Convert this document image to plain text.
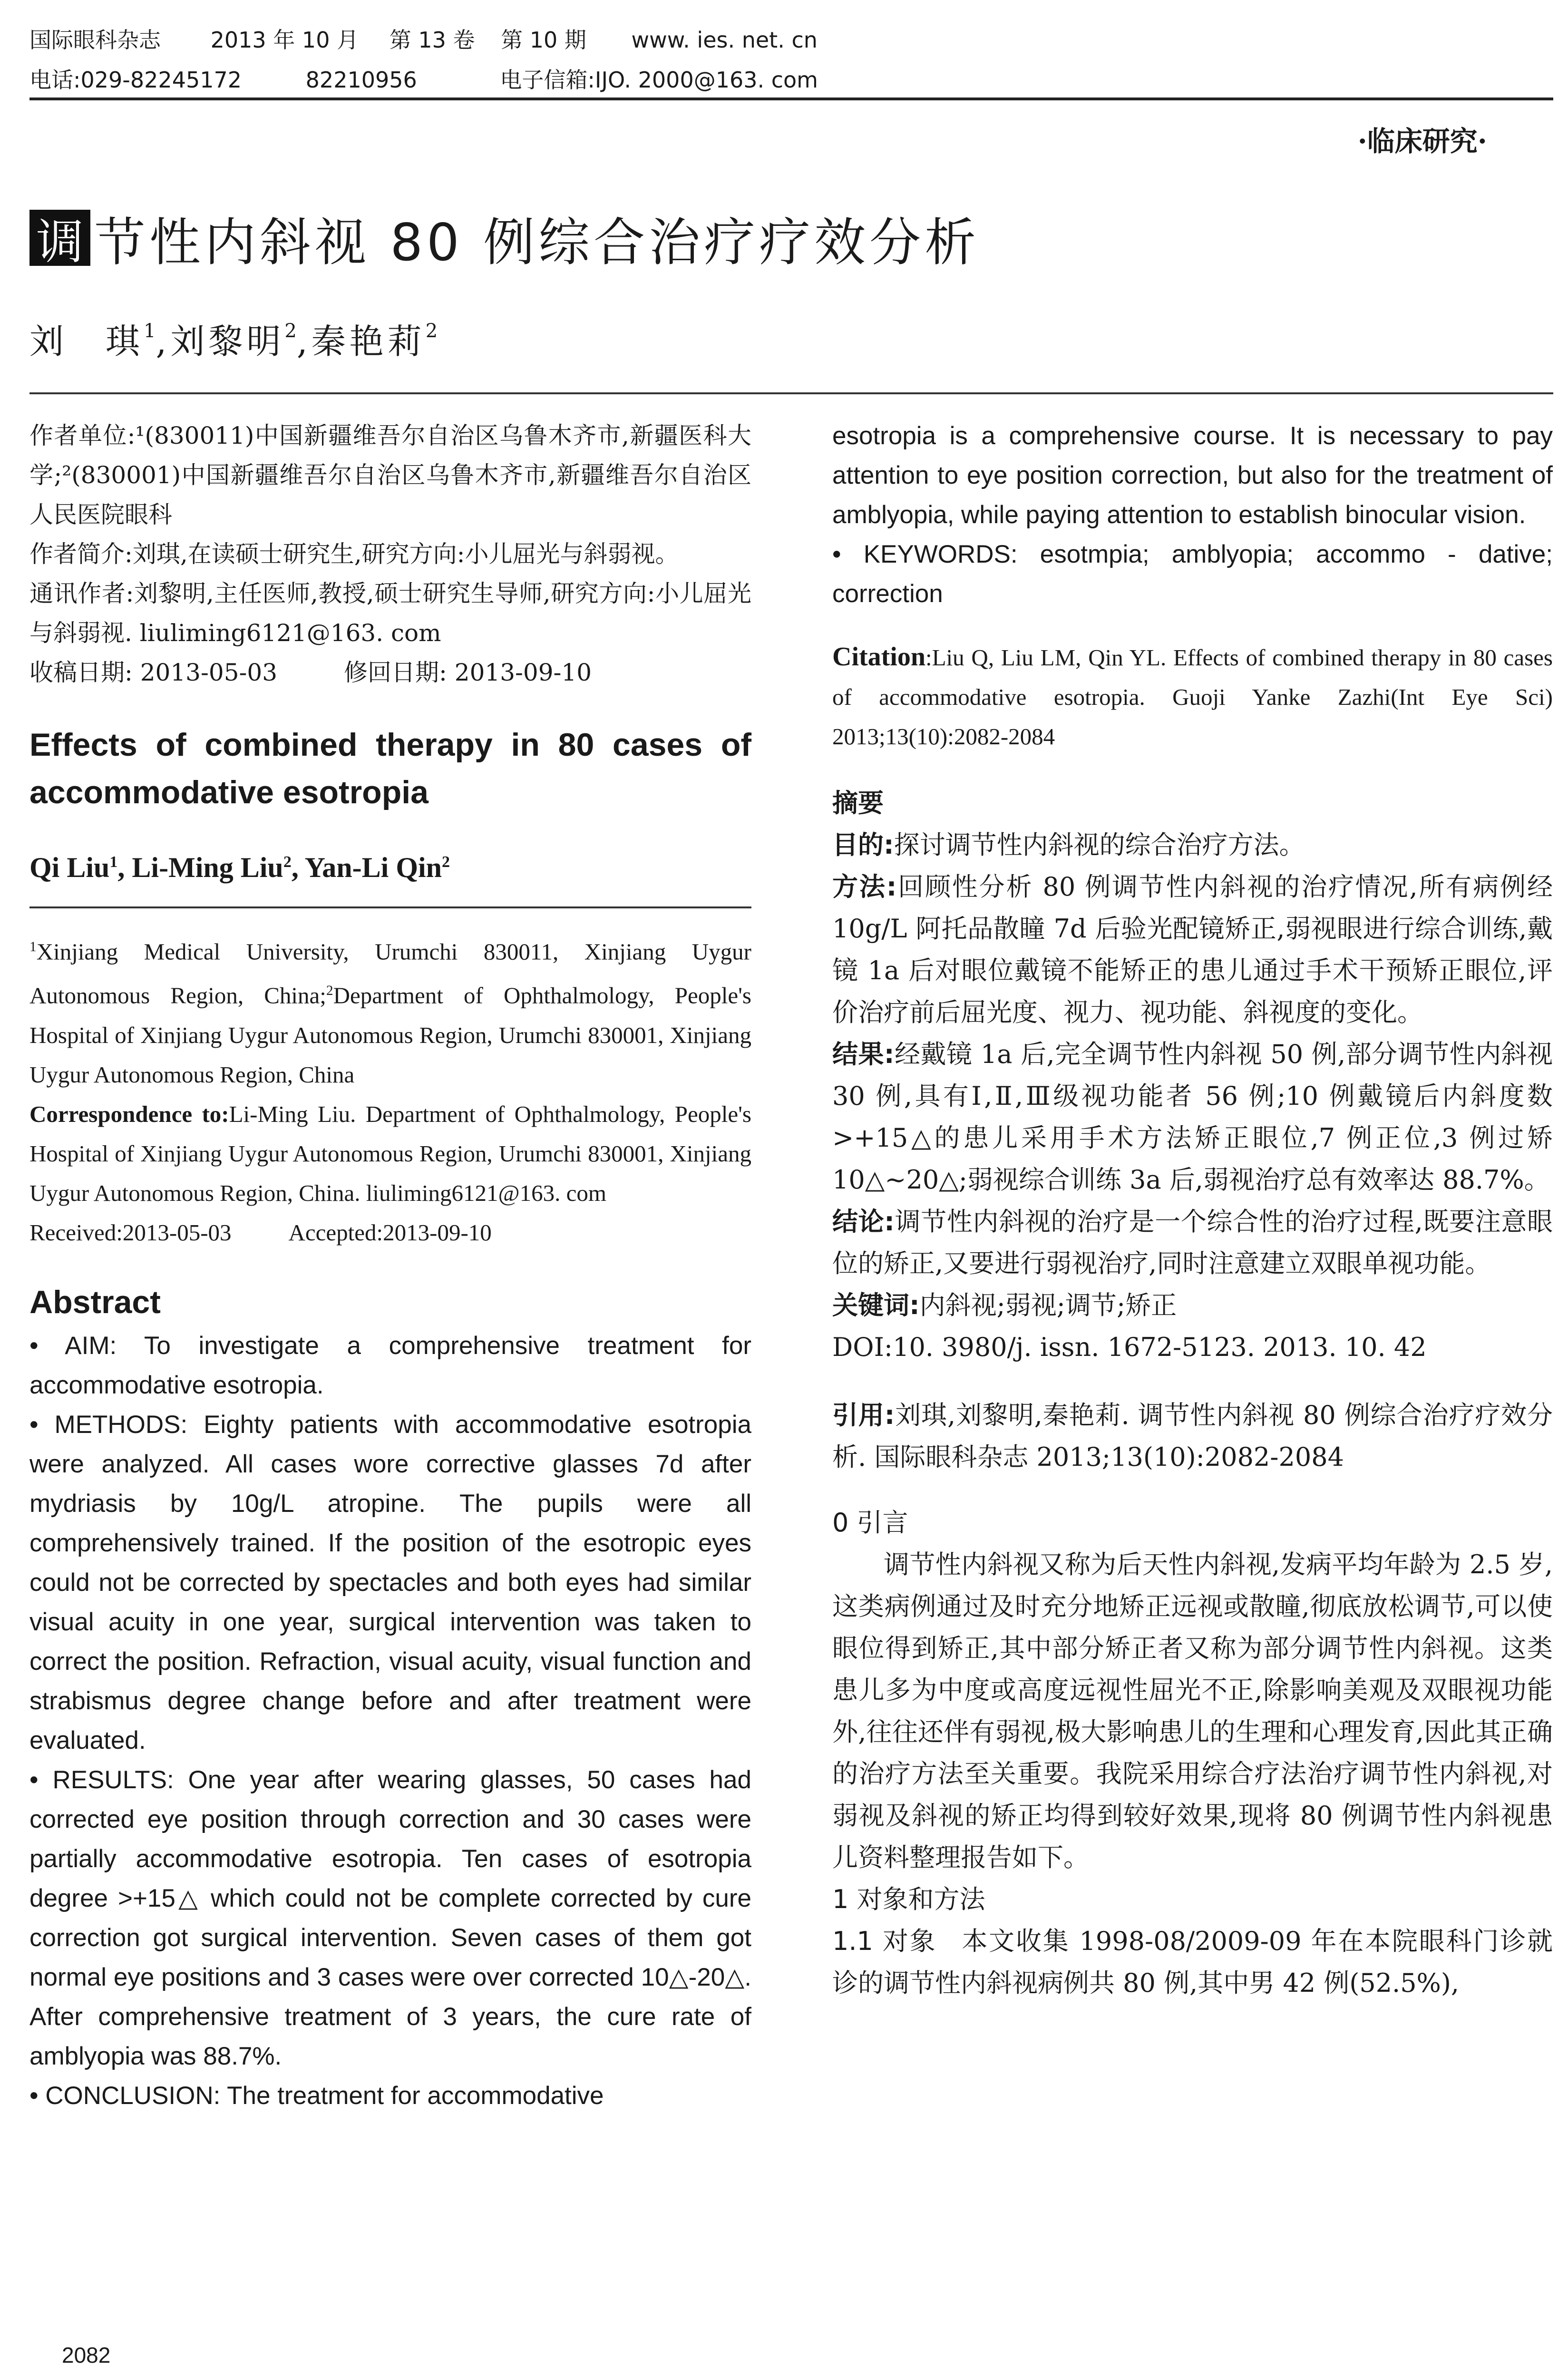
国际眼科杂志 2013 年 10 月 第 13 卷 第 10 期 www. ies. net. cn
电话:029-82245172	82210956	电子信箱:IJO. 2000@163. com
·临床研究·
调 节性内斜视 80 例综合治疗疗效分析
刘　琪$^1$,刘黎明$^2$,秦艳莉$^2$

作者单位:¹(830011)中国新疆维吾尔自治区乌鲁木齐市,新疆医科大学;²(830001)中国新疆维吾尔自治区乌鲁木齐市,新疆维吾尔自治区人民医院眼科

作者简介:刘琪,在读硕士研究生,研究方向:小儿屈光与斜弱视。

通讯作者:刘黎明,主任医师,教授,硕士研究生导师,研究方向:小儿屈光与斜弱视. liuliming6121@163. com

收稿日期: 2013-05-03	修回日期: 2013-09-10

Effects of combined therapy in 80 cases of accommodative esotropia

Qi Liu$^1$, Li-Ming Liu$^2$, Yan-Li Qin$^2$

$^1$Xinjiang Medical University, Urumchi 830011, Xinjiang Uygur Autonomous Region, China;$^2$Department of Ophthalmology, People's Hospital of Xinjiang Uygur Autonomous Region, Urumchi 830001, Xinjiang Uygur Autonomous Region, China

Correspondence to:Li-Ming Liu. Department of Ophthalmology, People's Hospital of Xinjiang Uygur Autonomous Region, Urumchi 830001, Xinjiang Uygur Autonomous Region, China. liuliming6121@163. com

Received:2013-05-03 Accepted:2013-09-10

Abstract

• AIM: To investigate a comprehensive treatment for accommodative esotropia.

• METHODS: Eighty patients with accommodative esotropia were analyzed. All cases wore corrective glasses 7d after mydriasis by 10g/L atropine. The pupils were all comprehensively trained. If the position of the esotropic eyes could not be corrected by spectacles and both eyes had similar visual acuity in one year, surgical intervention was taken to correct the position. Refraction, visual acuity, visual function and strabismus degree change before and after treatment were evaluated.

• RESULTS: One year after wearing glasses, 50 cases had corrected eye position through correction and 30 cases were partially accommodative esotropia. Ten cases of esotropia degree >+15△ which could not be complete corrected by cure correction got surgical intervention. Seven cases of them got normal eye positions and 3 cases were over corrected 10△-20△. After comprehensive treatment of 3 years, the cure rate of amblyopia was 88.7%.

• CONCLUSION: The treatment for accommodative

esotropia is a comprehensive course. It is necessary to pay attention to eye position correction, but also for the treatment of amblyopia, while paying attention to establish binocular vision.

• KEYWORDS: esotmpia; amblyopia; accommo - dative; correction

Citation:Liu Q, Liu LM, Qin YL. Effects of combined therapy in 80 cases of accommodative esotropia. Guoji Yanke Zazhi(Int Eye Sci) 2013;13(10):2082-2084

摘要

目的:探讨调节性内斜视的综合治疗方法。

方法:回顾性分析 80 例调节性内斜视的治疗情况,所有病例经 10g/L 阿托品散瞳 7d 后验光配镜矫正,弱视眼进行综合训练,戴镜 1a 后对眼位戴镜不能矫正的患儿通过手术干预矫正眼位,评价治疗前后屈光度、视力、视功能、斜视度的变化。

结果:经戴镜 1a 后,完全调节性内斜视 50 例,部分调节性内斜视 30 例,具有Ⅰ,Ⅱ,Ⅲ级视功能者 56 例;10 例戴镜后内斜度数>+15△的患儿采用手术方法矫正眼位,7 例正位,3 例过矫 10△~20△;弱视综合训练 3a 后,弱视治疗总有效率达 88.7%。

结论:调节性内斜视的治疗是一个综合性的治疗过程,既要注意眼位的矫正,又要进行弱视治疗,同时注意建立双眼单视功能。

关键词:内斜视;弱视;调节;矫正

DOI:10. 3980/j. issn. 1672-5123. 2013. 10. 42

引用:刘琪,刘黎明,秦艳莉. 调节性内斜视 80 例综合治疗疗效分析. 国际眼科杂志 2013;13(10):2082-2084

0 引言

调节性内斜视又称为后天性内斜视,发病平均年龄为 2.5 岁,这类病例通过及时充分地矫正远视或散瞳,彻底放松调节,可以使眼位得到矫正,其中部分矫正者又称为部分调节性内斜视。这类患儿多为中度或高度远视性屈光不正,除影响美观及双眼视功能外,往往还伴有弱视,极大影响患儿的生理和心理发育,因此其正确的治疗方法至关重要。我院采用综合疗法治疗调节性内斜视,对弱视及斜视的矫正均得到较好效果,现将 80 例调节性内斜视患儿资料整理报告如下。

1 对象和方法

1.1 对象 本文收集 1998-08/2009-09 年在本院眼科门诊就诊的调节性内斜视病例共 80 例,其中男 42 例(52.5%),

2082
